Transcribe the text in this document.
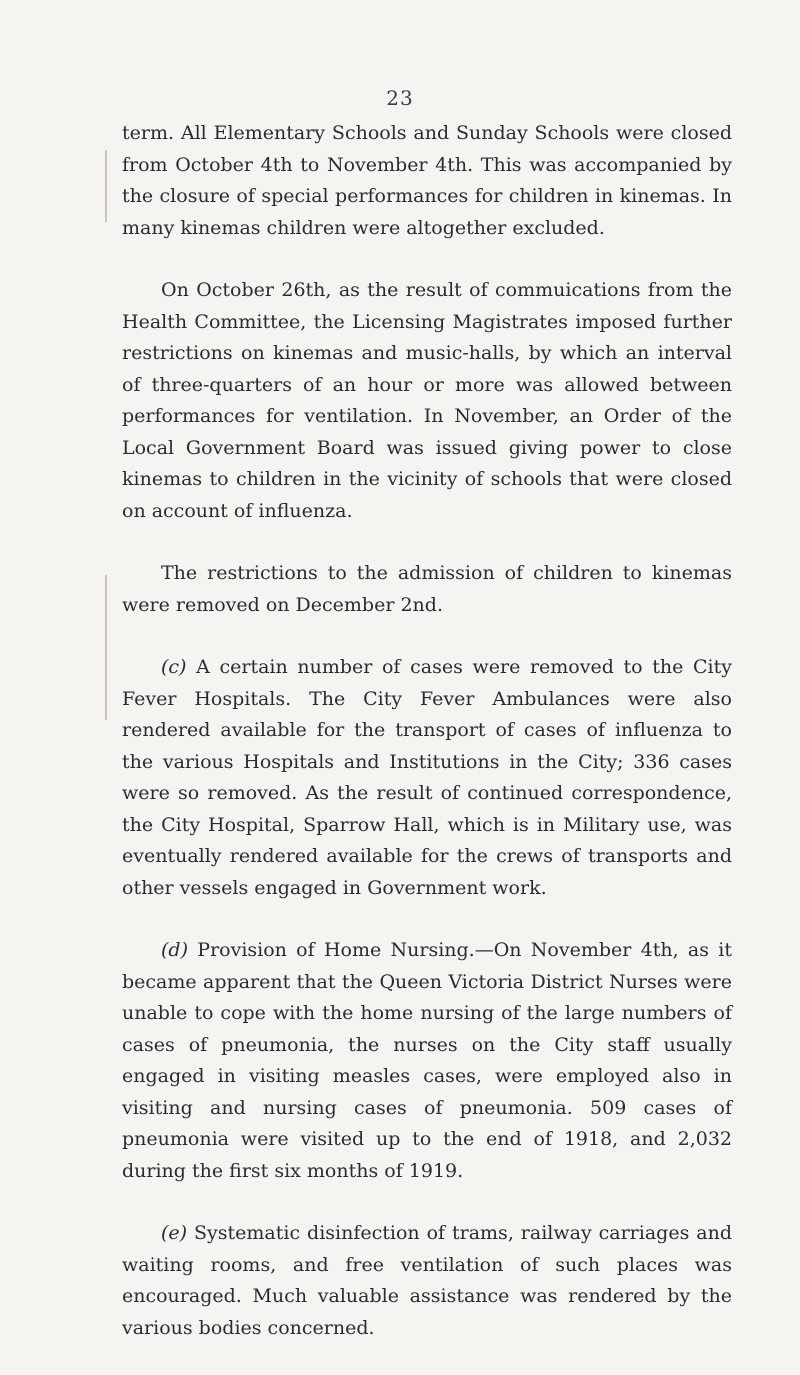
23

term. All Elementary Schools and Sunday Schools were closed from October 4th to November 4th. This was accompanied by the closure of special performances for children in kinemas. In many kinemas children were altogether excluded.

On October 26th, as the result of commuications from the Health Committee, the Licensing Magistrates imposed further restrictions on kinemas and music-halls, by which an interval of three-quarters of an hour or more was allowed between performances for ventilation. In November, an Order of the Local Government Board was issued giving power to close kinemas to children in the vicinity of schools that were closed on account of influenza.

The restrictions to the admission of children to kinemas were removed on December 2nd.

(c) A certain number of cases were removed to the City Fever Hospitals. The City Fever Ambulances were also rendered available for the transport of cases of influenza to the various Hospitals and Institutions in the City; 336 cases were so removed. As the result of continued correspondence, the City Hospital, Sparrow Hall, which is in Military use, was eventually rendered available for the crews of transports and other vessels engaged in Government work.

(d) Provision of Home Nursing.—On November 4th, as it became apparent that the Queen Victoria District Nurses were unable to cope with the home nursing of the large numbers of cases of pneumonia, the nurses on the City staff usually engaged in visiting measles cases, were employed also in visiting and nursing cases of pneumonia. 509 cases of pneumonia were visited up to the end of 1918, and 2,032 during the first six months of 1919.

(e) Systematic disinfection of trams, railway carriages and waiting rooms, and free ventilation of such places was encouraged. Much valuable assistance was rendered by the various bodies concerned.
